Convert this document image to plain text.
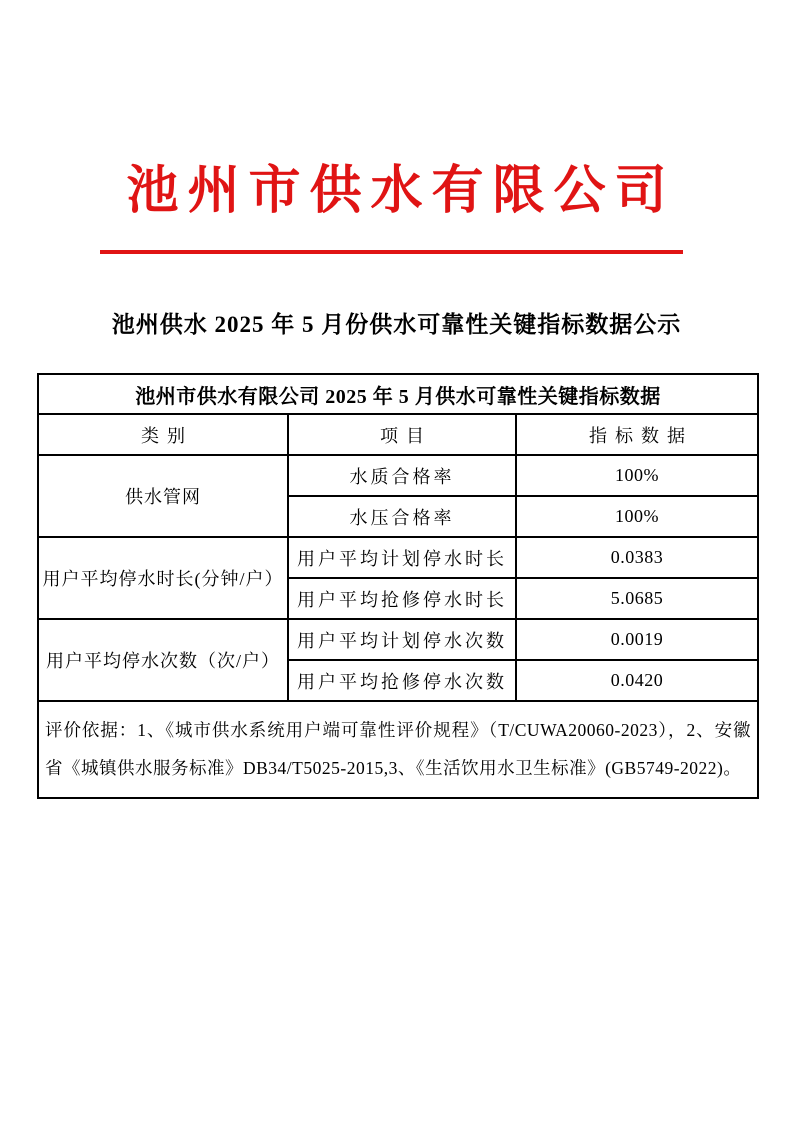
池州市供水有限公司
池州供水 2025 年 5 月份供水可靠性关键指标数据公示
池州市供水有限公司 2025 年 5 月供水可靠性关键指标数据		
类别	项目	指标数据
供水管网	水质合格率	100%
	水压合格率	100%
用户平均停水时长(分钟/户）	用户平均计划停水时长	0.0383
	用户平均抢修停水时长	5.0685
用户平均停水次数（次/户）	用户平均计划停水次数	0.0019
	用户平均抢修停水次数	0.0420
评价依据：1、《城市供水系统用户端可靠性评价规程》（T/CUWA20060-2023），2、安徽省《城镇供水服务标准》DB34/T5025-2015,3、《生活饮用水卫生标准》(GB5749-2022)。		
